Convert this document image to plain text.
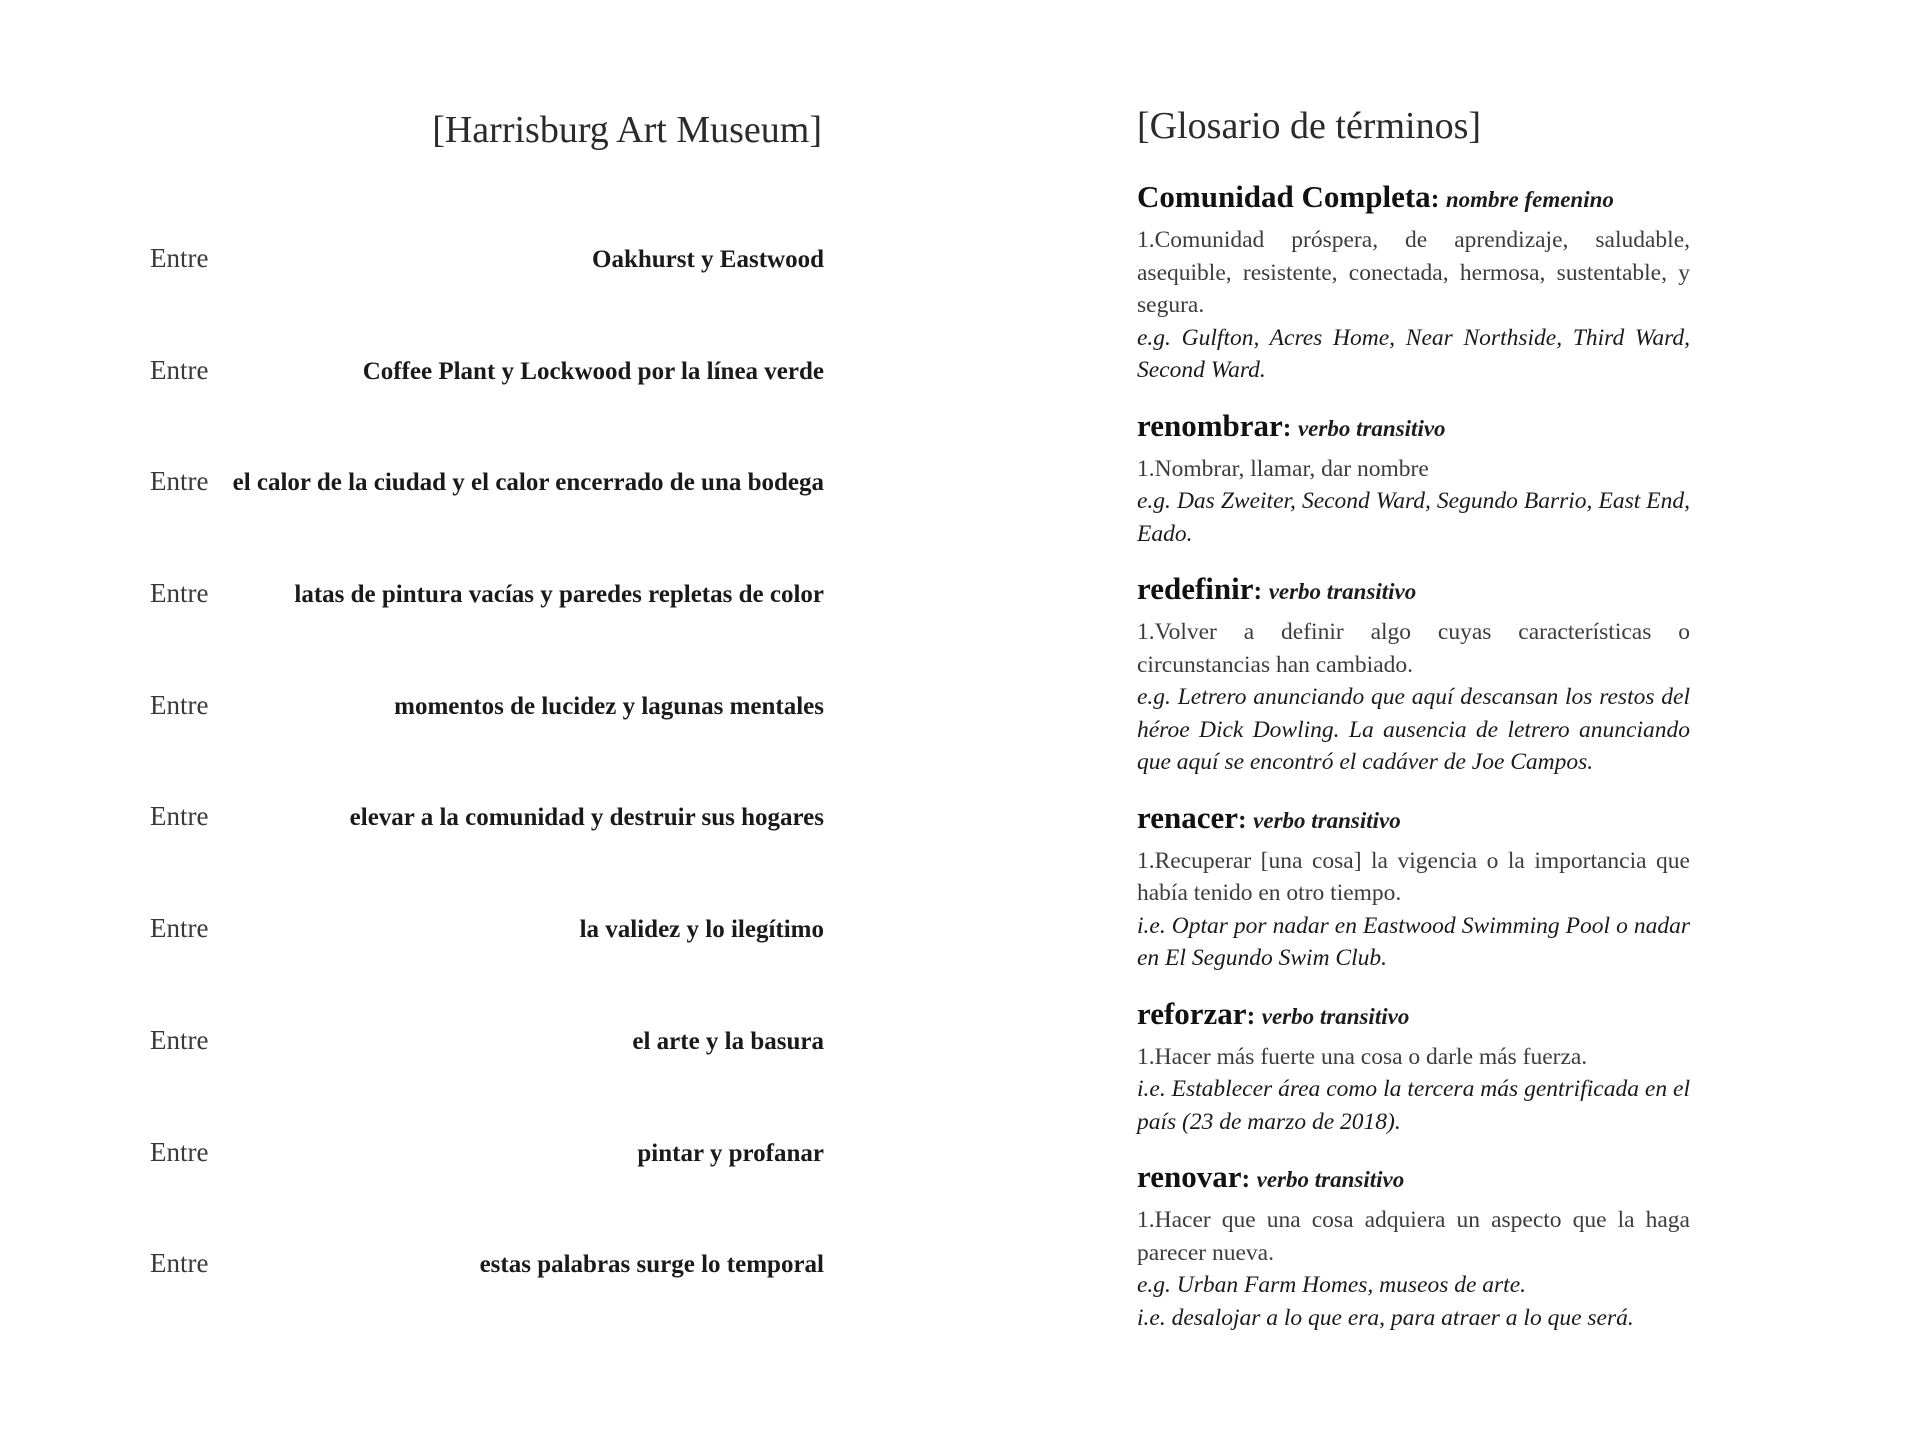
[Harrisburg Art Museum]
Entre	Oakhurst y Eastwood
Entre	Coffee Plant y Lockwood por la línea verde
Entre el calor de la ciudad y el calor encerrado de una bodega
Entre	latas de pintura vacías y paredes repletas de color
Entre	momentos de lucidez y lagunas mentales
Entre	elevar a la comunidad y destruir sus hogares
Entre	la validez y lo ilegítimo
Entre	el arte y la basura
Entre	pintar y profanar
Entre	estas palabras surge lo temporal
[Glosario de términos]
Comunidad Completa: nombre femenino
1.Comunidad próspera, de aprendizaje, saludable, asequible, resistente, conectada, hermosa, sustentable, y segura.
e.g. Gulfton, Acres Home, Near Northside, Third Ward, Second Ward.
renombrar: verbo transitivo
1.Nombrar, llamar, dar nombre
e.g. Das Zweiter, Second Ward, Segundo Barrio, East End, Eado.
redefinir: verbo transitivo
1.Volver a definir algo cuyas características o circunstancias han cambiado.
e.g. Letrero anunciando que aquí descansan los restos del héroe Dick Dowling. La ausencia de letrero anunciando que aquí se encontró el cadáver de Joe Campos.
renacer: verbo transitivo
1.Recuperar [una cosa] la vigencia o la importancia que había tenido en otro tiempo.
i.e. Optar por nadar en Eastwood Swimming Pool o nadar en El Segundo Swim Club.
reforzar: verbo transitivo
1.Hacer más fuerte una cosa o darle más fuerza.
i.e. Establecer área como la tercera más gentrificada en el país (23 de marzo de 2018).
renovar: verbo transitivo
1.Hacer que una cosa adquiera un aspecto que la haga parecer nueva.
e.g. Urban Farm Homes, museos de arte.
i.e. desalojar a lo que era, para atraer a lo que será.
